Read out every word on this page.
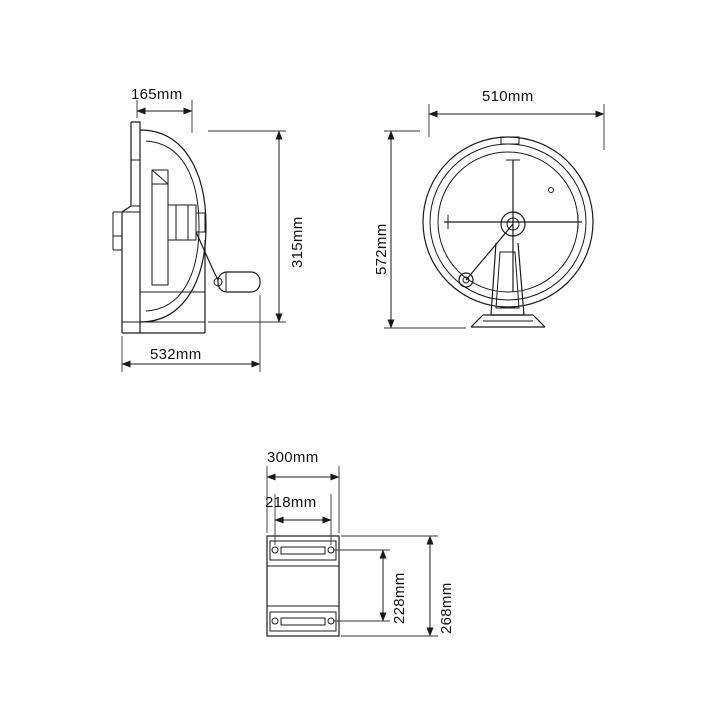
165mm
315mm
532mm
510mm
572mm
300mm
218mm
228mm 268mm
